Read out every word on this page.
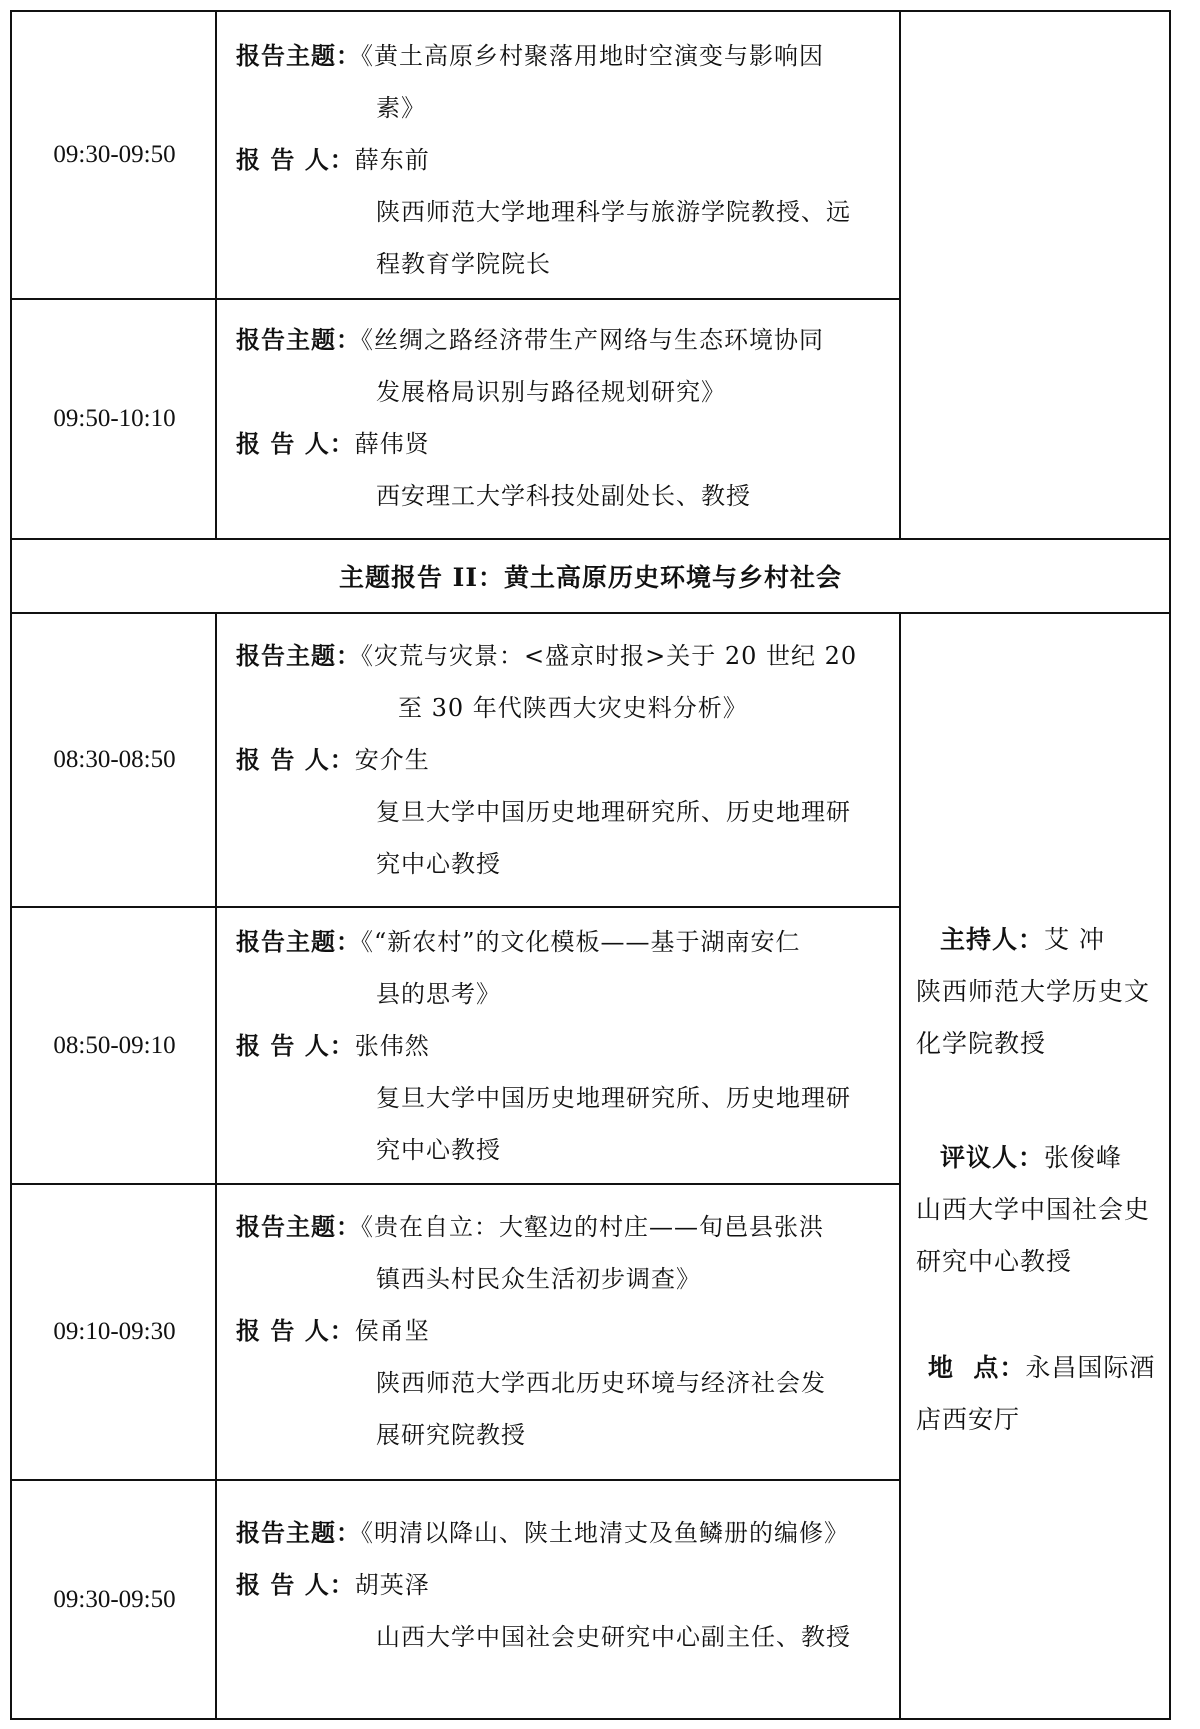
09:30-09:50
报告主题：《黄土高原乡村聚落用地时空演变与影响因
素》
报 告 人：薛东前
陕西师范大学地理科学与旅游学院教授、远
程教育学院院长
09:50-10:10
报告主题：《丝绸之路经济带生产网络与生态环境协同
发展格局识别与路径规划研究》
报 告 人：薛伟贤
西安理工大学科技处副处长、教授
主题报告 II：黄土高原历史环境与乡村社会
08:30-08:50
报告主题：《灾荒与灾景：<盛京时报>关于 20 世纪 20
至 30 年代陕西大灾史料分析》
报 告 人：安介生
复旦大学中国历史地理研究所、历史地理研
究中心教授
08:50-09:10
报告主题：《“新农村”的文化模板——基于湖南安仁
县的思考》
报 告 人：张伟然
复旦大学中国历史地理研究所、历史地理研
究中心教授
09:10-09:30
报告主题：《贵在自立：大壑边的村庄——旬邑县张洪
镇西头村民众生活初步调查》
报 告 人：侯甬坚
陕西师范大学西北历史环境与经济社会发
展研究院教授
09:30-09:50
报告主题：《明清以降山、陕土地清丈及鱼鳞册的编修》
报 告 人：胡英泽
山西大学中国社会史研究中心副主任、教授
主持人：艾 冲
陕西师范大学历史文
化学院教授
评议人：张俊峰
山西大学中国社会史
研究中心教授
地  点：永昌国际酒
店西安厅
